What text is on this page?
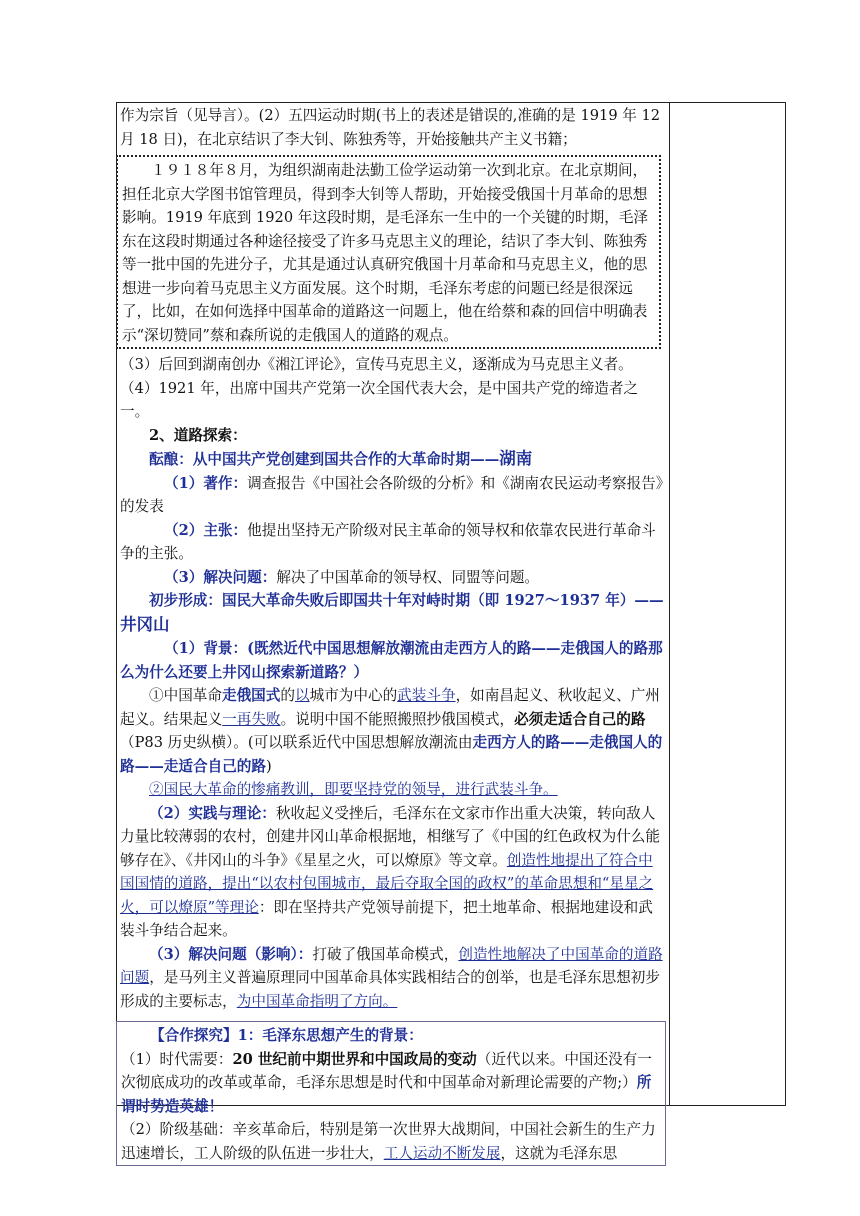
作为宗旨（见导言）。(2）五四运动时期(书上的表述是错误的,准确的是 1919 年 12 月 18 日)，在北京结识了李大钊、陈独秀等，开始接触共产主义书籍；

１９１８年８月，为组织湖南赴法勤工俭学运动第一次到北京。在北京期间，担任北京大学图书馆管理员，得到李大钊等人帮助，开始接受俄国十月革命的思想影响。1919 年底到 1920 年这段时期，是毛泽东一生中的一个关键的时期，毛泽东在这段时期通过各种途径接受了许多马克思主义的理论，结识了李大钊、陈独秀等一批中国的先进分子，尤其是通过认真研究俄国十月革命和马克思主义，他的思想进一步向着马克思主义方面发展。这个时期，毛泽东考虑的问题已经是很深远了，比如，在如何选择中国革命的道路这一问题上，他在给蔡和森的回信中明确表示“深切赞同”蔡和森所说的走俄国人的道路的观点。

（3）后回到湖南创办《湘江评论》，宣传马克思主义，逐渐成为马克思主义者。

（4）1921 年，出席中国共产党第一次全国代表大会，是中国共产党的缔造者之一。

2、道路探索：

酝酿：从中国共产党创建到国共合作的大革命时期——湖南

（1）著作：调查报告《中国社会各阶级的分析》和《湖南农民运动考察报告》的发表

（2）主张：他提出坚持无产阶级对民主革命的领导权和依靠农民进行革命斗争的主张。

（3）解决问题：解决了中国革命的领导权、同盟等问题。

初步形成：国民大革命失败后即国共十年对峙时期（即 1927～1937 年）——井冈山

（1）背景：(既然近代中国思想解放潮流由走西方人的路——走俄国人的路那么为什么还要上井冈山探索新道路？）

①中国革命走俄国式的以城市为中心的武装斗争，如南昌起义、秋收起义、广州起义。结果起义一再失败。说明中国不能照搬照抄俄国模式，必须走适合自己的路（P83 历史纵横）。(可以联系近代中国思想解放潮流由走西方人的路——走俄国人的路——走适合自己的路)

②国民大革命的惨痛教训，即要坚持党的领导，进行武装斗争。

（2）实践与理论：秋收起义受挫后，毛泽东在文家市作出重大决策，转向敌人力量比较薄弱的农村，创建井冈山革命根据地，相继写了《中国的红色政权为什么能够存在》、《井冈山的斗争》《星星之火，可以燎原》等文章。创造性地提出了符合中国国情的道路，提出“以农村包围城市，最后夺取全国的政权”的革命思想和“星星之火，可以燎原”等理论：即在坚持共产党领导前提下，把土地革命、根据地建设和武装斗争结合起来。

（3）解决问题（影响）：打破了俄国革命模式，创造性地解决了中国革命的道路问题，是马列主义普遍原理同中国革命具体实践相结合的创举，也是毛泽东思想初步形成的主要标志，为中国革命指明了方向。

【合作探究】1：毛泽东思想产生的背景：

（1）时代需要：20 世纪前中期世界和中国政局的变动（近代以来。中国还没有一次彻底成功的改革或革命，毛泽东思想是时代和中国革命对新理论需要的产物;）所谓时势造英雄！

（2）阶级基础：辛亥革命后，特别是第一次世界大战期间，中国社会新生的生产力迅速增长，工人阶级的队伍进一步壮大，工人运动不断发展，这就为毛泽东思
